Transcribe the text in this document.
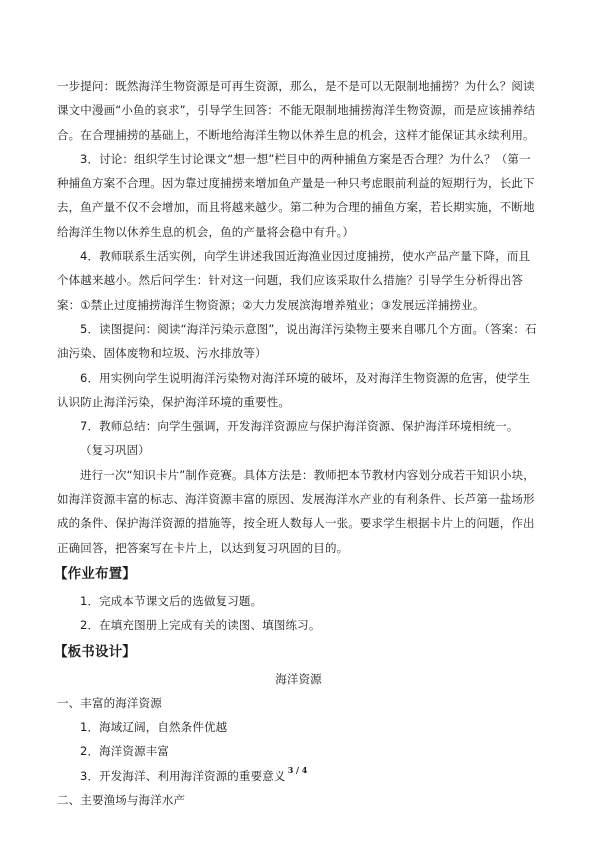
一步提问：既然海洋生物资源是可再生资源，那么，是不是可以无限制地捕捞？为什么？阅读课文中漫画“小鱼的哀求”，引导学生回答：不能无限制地捕捞海洋生物资源，而是应该捕养结合。在合理捕捞的基础上，不断地给海洋生物以休养生息的机会，这样才能保证其永续利用。

3．讨论：组织学生讨论课文“想一想”栏目中的两种捕鱼方案是否合理？为什么？（第一种捕鱼方案不合理。因为靠过度捕捞来增加鱼产量是一种只考虑眼前利益的短期行为，长此下去，鱼产量不仅不会增加，而且将越来越少。第二种为合理的捕鱼方案，若长期实施，不断地给海洋生物以休养生息的机会，鱼的产量将会稳中有升。）

4．教师联系生活实例，向学生讲述我国近海渔业因过度捕捞，使水产品产量下降，而且个体越来越小。然后问学生：针对这一问题，我们应该采取什么措施？引导学生分析得出答案：①禁止过度捕捞海洋生物资源；②大力发展滨海增养殖业；③发展远洋捕捞业。

5．读图提问：阅读“海洋污染示意图”，说出海洋污染物主要来自哪几个方面。（答案：石油污染、固体废物和垃圾、污水排放等）

6．用实例向学生说明海洋污染物对海洋环境的破坏，及对海洋生物资源的危害，使学生认识防止海洋污染，保护海洋环境的重要性。

7．教师总结：向学生强调，开发海洋资源应与保护海洋资源、保护海洋环境相统一。

（复习巩固）

进行一次“知识卡片”制作竞赛。具体方法是：教师把本节教材内容划分成若干知识小块，如海洋资源丰富的标志、海洋资源丰富的原因、发展海洋水产业的有利条件、长芦第一盐场形成的条件、保护海洋资源的措施等，按全班人数每人一张。要求学生根据卡片上的问题，作出正确回答，把答案写在卡片上，以达到复习巩固的目的。

【作业布置】

1．完成本节课文后的选做复习题。

2．在填充图册上完成有关的读图、填图练习。

【板书设计】

海洋资源

一、丰富的海洋资源

1．海域辽阔，自然条件优越

2．海洋资源丰富

3．开发海洋、利用海洋资源的重要意义

二、主要渔场与海洋水产

3 / 4
